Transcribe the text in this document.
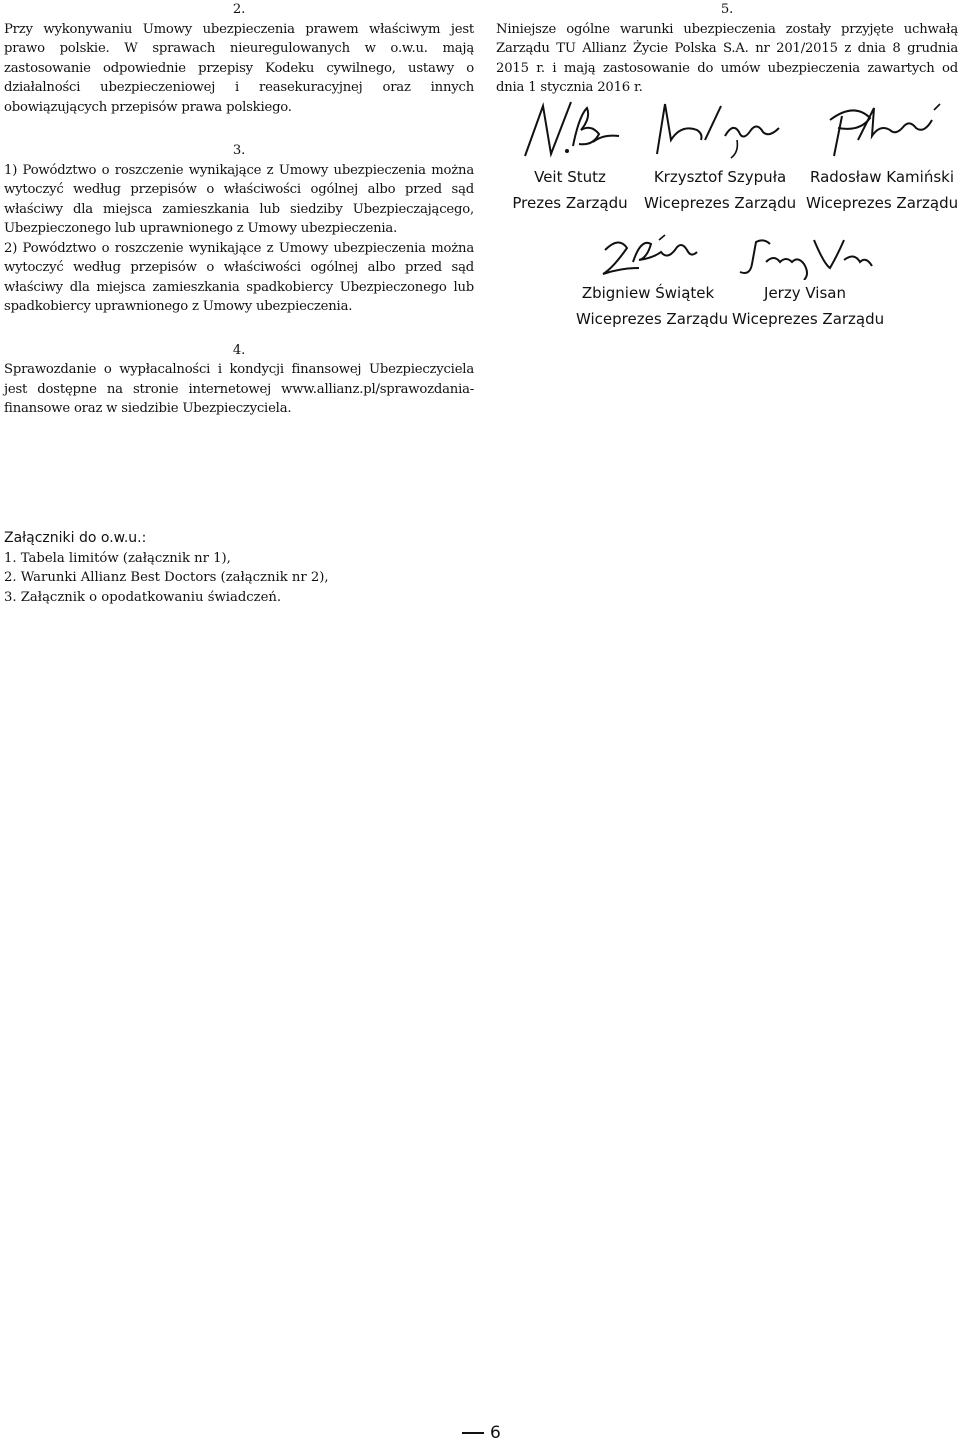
2.

Przy wykonywaniu Umowy ubezpieczenia prawem właściwym jest prawo polskie. W sprawach nieuregulowanych w o.w.u. mają zastosowanie odpowiednie przepisy Kodeku cywilnego, ustawy o działalności ubezpieczeniowej i reasekuracyjnej oraz innych obowiązujących przepisów prawa polskiego.

3.

1) Powództwo o roszczenie wynikające z Umowy ubezpieczenia można wytoczyć według przepisów o właściwości ogólnej albo przed sąd właściwy dla miejsca zamieszkania lub siedziby Ubezpieczającego, Ubezpieczonego lub uprawnionego z Umowy ubezpieczenia.

2) Powództwo o roszczenie wynikające z Umowy ubezpieczenia można wytoczyć według przepisów o właściwości ogólnej albo przed sąd właściwy dla miejsca zamieszkania spadkobiercy Ubezpieczonego lub spadkobiercy uprawnionego z Umowy ubezpieczenia.

4.

Sprawozdanie o wypłacalności i kondycji finansowej Ubezpieczyciela jest dostępne na stronie internetowej www.allianz.pl/sprawozdania-finansowe oraz w siedzibie Ubezpieczyciela.

5.

Niniejsze ogólne warunki ubezpieczenia zostały przyjęte uchwałą Zarządu TU Allianz Życie Polska S.A. nr 201/2015 z dnia 8 grudnia 2015 r. i mają zastosowanie do umów ubezpieczenia zawartych od dnia 1 stycznia 2016 r.

Veit Stutz
Prezes Zarządu
Krzysztof Szypuła
Wiceprezes Zarządu
Radosław Kamiński
Wiceprezes Zarządu
Zbigniew Świątek
Wiceprezes Zarządu
Jerzy Visan
Wiceprezes Zarządu

Załączniki do o.w.u.:

1. Tabela limitów (załącznik nr 1),

2. Warunki Allianz Best Doctors (załącznik nr 2),

3. Załącznik o opodatkowaniu świadczeń.

6
